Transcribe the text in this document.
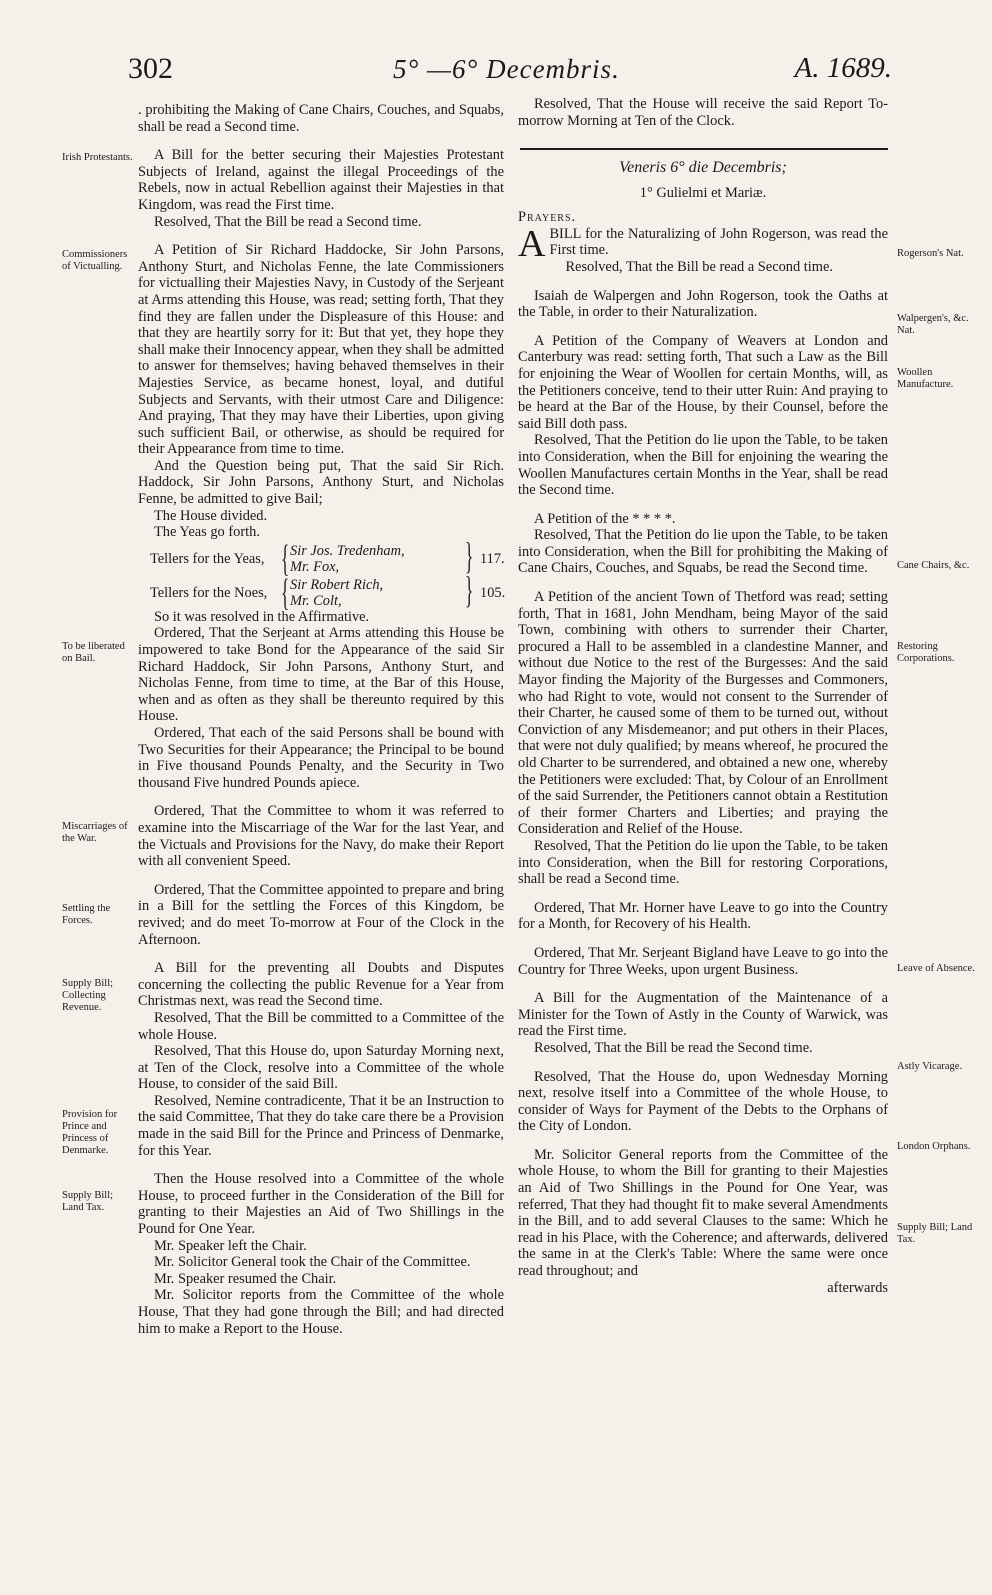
302	5° —6° Decembris.	A. 1689.
Irish Protestants.
Commissioners of Victualling.
To be liberated on Bail.
Miscarriages of the War.
Settling the Forces.
Supply Bill; Collecting Revenue.
Provision for Prince and Princess of Denmarke.
Supply Bill; Land Tax.
Rogerson's Nat.
Walpergen's, &c. Nat.
Woollen Manufacture.
Cane Chairs, &c.
Restoring Corporations.
Leave of Absence.
Astly Vicarage.
London Orphans.
Supply Bill; Land Tax.

. prohibiting the Making of Cane Chairs, Couches, and Squabs, shall be read a Second time.

A Bill for the better securing their Majesties Protestant Subjects of Ireland, against the illegal Proceedings of the Rebels, now in actual Rebellion against their Majesties in that Kingdom, was read the First time.

Resolved, That the Bill be read a Second time.

A Petition of Sir Richard Haddocke, Sir John Parsons, Anthony Sturt, and Nicholas Fenne, the late Commissioners for victualling their Majesties Navy, in Custody of the Serjeant at Arms attending this House, was read; setting forth, That they find they are fallen under the Displeasure of this House: and that they are heartily sorry for it: But that yet, they hope they shall make their Innocency appear, when they shall be admitted to answer for themselves; having behaved themselves in their Majesties Service, as became honest, loyal, and dutiful Subjects and Servants, with their utmost Care and Diligence: And praying, That they may have their Liberties, upon giving such sufficient Bail, or otherwise, as should be required for their Appearance from time to time.

And the Question being put, That the said Sir Rich. Haddock, Sir John Parsons, Anthony Sturt, and Nicholas Fenne, be admitted to give Bail;

The House divided.

The Yeas go forth.

Tellers for the Yeas, { Sir Jos. Tredenham,
Mr. Fox,	{ 117.
Tellers for the Noes, { Sir Robert Rich,
Mr. Colt,	{ 105.

So it was resolved in the Affirmative.

Ordered, That the Serjeant at Arms attending this House be impowered to take Bond for the Appearance of the said Sir Richard Haddock, Sir John Parsons, Anthony Sturt, and Nicholas Fenne, from time to time, at the Bar of this House, when and as often as they shall be thereunto required by this House.

Ordered, That each of the said Persons shall be bound with Two Securities for their Appearance; the Principal to be bound in Five thousand Pounds Penalty, and the Security in Two thousand Five hundred Pounds apiece.

Ordered, That the Committee to whom it was referred to examine into the Miscarriage of the War for the last Year, and the Victuals and Provisions for the Navy, do make their Report with all convenient Speed.

Ordered, That the Committee appointed to prepare and bring in a Bill for the settling the Forces of this Kingdom, be revived; and do meet To-morrow at Four of the Clock in the Afternoon.

A Bill for the preventing all Doubts and Disputes concerning the collecting the public Revenue for a Year from Christmas next, was read the Second time.

Resolved, That the Bill be committed to a Committee of the whole House.

Resolved, That this House do, upon Saturday Morning next, at Ten of the Clock, resolve into a Committee of the whole House, to consider of the said Bill.

Resolved, Nemine contradicente, That it be an Instruction to the said Committee, That they do take care there be a Provision made in the said Bill for the Prince and Princess of Denmarke, for this Year.

Then the House resolved into a Committee of the whole House, to proceed further in the Consideration of the Bill for granting to their Majesties an Aid of Two Shillings in the Pound for One Year.

Mr. Speaker left the Chair.

Mr. Solicitor General took the Chair of the Committee.

Mr. Speaker resumed the Chair.

Mr. Solicitor reports from the Committee of the whole House, That they had gone through the Bill; and had directed him to make a Report to the House.

Resolved, That the House will receive the said Report To-morrow Morning at Ten of the Clock.

Veneris 6° die Decembris;

1° Gulielmi et Mariæ.

Prayers.

ABILL for the Naturalizing of John Rogerson, was read the First time.

Resolved, That the Bill be read a Second time.

Isaiah de Walpergen and John Rogerson, took the Oaths at the Table, in order to their Naturalization.

A Petition of the Company of Weavers at London and Canterbury was read: setting forth, That such a Law as the Bill for enjoining the Wear of Woollen for certain Months, will, as the Petitioners conceive, tend to their utter Ruin: And praying to be heard at the Bar of the House, by their Counsel, before the said Bill doth pass.

Resolved, That the Petition do lie upon the Table, to be taken into Consideration, when the Bill for enjoining the wearing the Woollen Manufactures certain Months in the Year, shall be read the Second time.

A Petition of the * * * *.

Resolved, That the Petition do lie upon the Table, to be taken into Consideration, when the Bill for prohibiting the Making of Cane Chairs, Couches, and Squabs, be read the Second time.

A Petition of the ancient Town of Thetford was read; setting forth, That in 1681, John Mendham, being Mayor of the said Town, combining with others to surrender their Charter, procured a Hall to be assembled in a clandestine Manner, and without due Notice to the rest of the Burgesses: And the said Mayor finding the Majority of the Burgesses and Commoners, who had Right to vote, would not consent to the Surrender of their Charter, he caused some of them to be turned out, without Conviction of any Misdemeanor; and put others in their Places, that were not duly qualified; by means whereof, he procured the old Charter to be surrendered, and obtained a new one, whereby the Petitioners were excluded: That, by Colour of an Enrollment of the said Surrender, the Petitioners cannot obtain a Restitution of their former Charters and Liberties; and praying the Consideration and Relief of the House.

Resolved, That the Petition do lie upon the Table, to be taken into Consideration, when the Bill for restoring Corporations, shall be read a Second time.

Ordered, That Mr. Horner have Leave to go into the Country for a Month, for Recovery of his Health.

Ordered, That Mr. Serjeant Bigland have Leave to go into the Country for Three Weeks, upon urgent Business.

A Bill for the Augmentation of the Maintenance of a Minister for the Town of Astly in the County of Warwick, was read the First time.

Resolved, That the Bill be read the Second time.

Resolved, That the House do, upon Wednesday Morning next, resolve itself into a Committee of the whole House, to consider of Ways for Payment of the Debts to the Orphans of the City of London.

Mr. Solicitor General reports from the Committee of the whole House, to whom the Bill for granting to their Majesties an Aid of Two Shillings in the Pound for One Year, was referred, That they had thought fit to make several Amendments in the Bill, and to add several Clauses to the same: Which he read in his Place, with the Coherence; and afterwards, delivered the same in at the Clerk's Table: Where the same were once read throughout; and

afterwards
